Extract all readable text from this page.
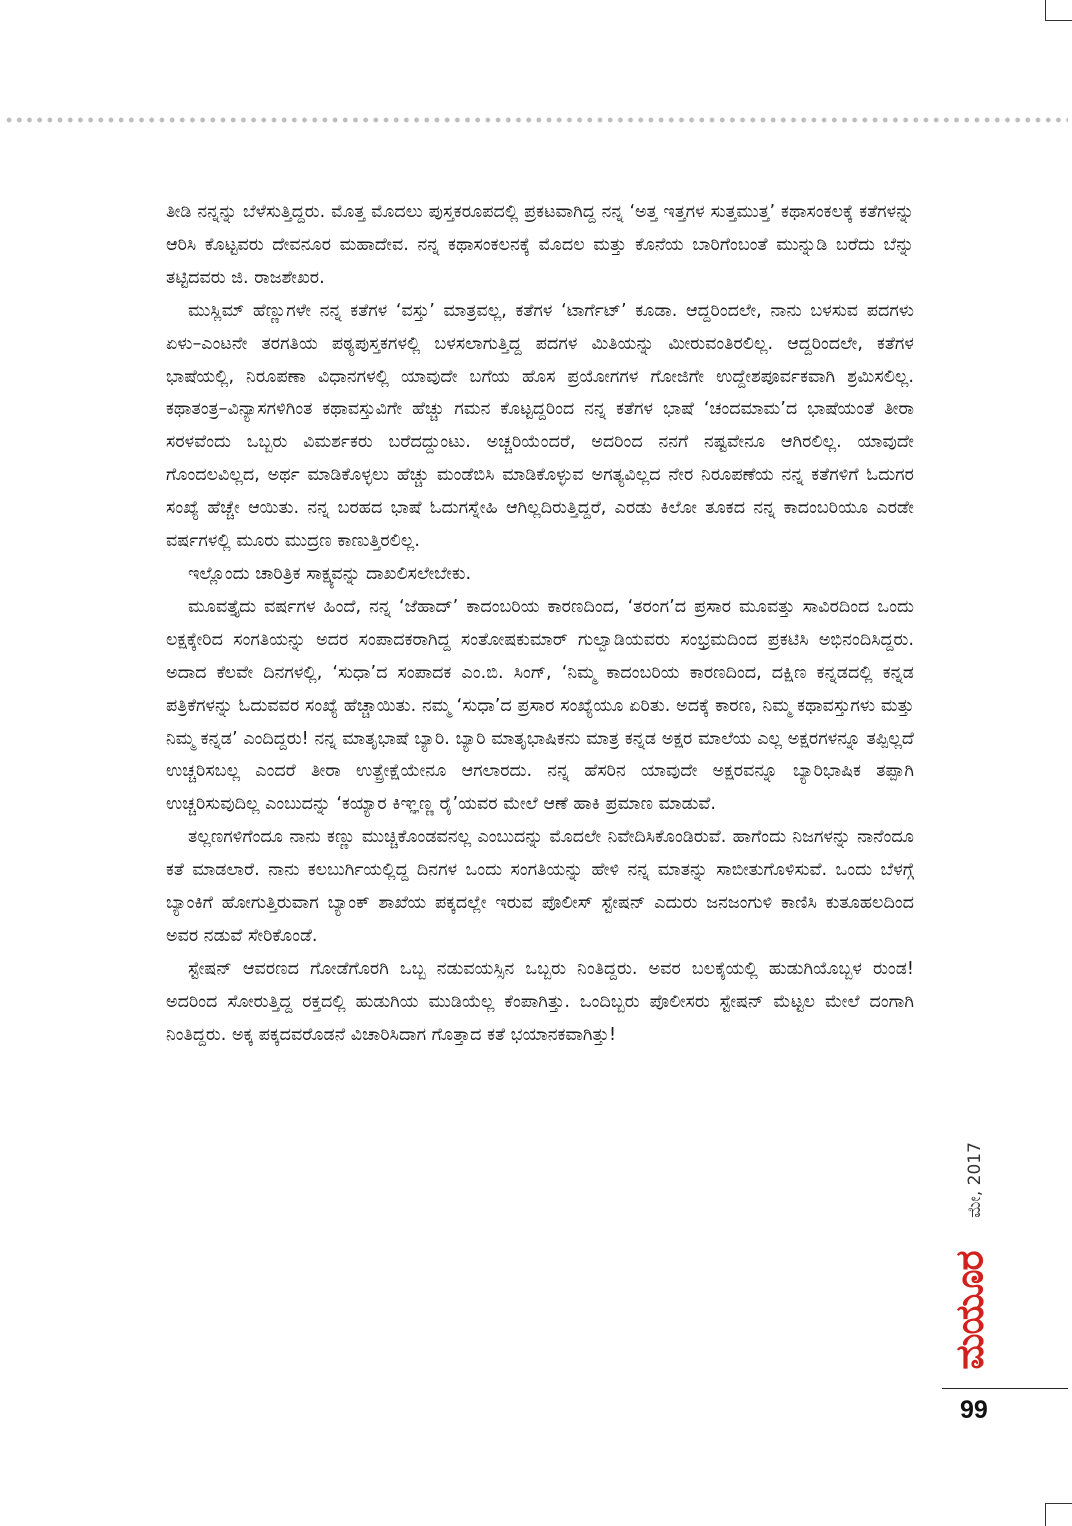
ತೀಡಿ ನನ್ನನ್ನು ಬೆಳೆಸುತ್ತಿದ್ದರು. ಮೊತ್ತ ಮೊದಲು ಪುಸ್ತಕರೂಪದಲ್ಲಿ ಪ್ರಕಟವಾಗಿದ್ದ ನನ್ನ ‘ಅತ್ತ ಇತ್ತಗಳ ಸುತ್ತಮುತ್ತ’ ಕಥಾಸಂಕಲಕ್ಕೆ ಕತೆಗಳನ್ನು ಆರಿಸಿ ಕೊಟ್ಟವರು ದೇವನೂರ ಮಹಾದೇವ. ನನ್ನ ಕಥಾಸಂಕಲನಕ್ಕೆ ಮೊದಲ ಮತ್ತು ಕೊನೆಯ ಬಾರಿಗೆಂಬಂತೆ ಮುನ್ನುಡಿ ಬರೆದು ಬೆನ್ನು ತಟ್ಟಿದವರು ಜಿ. ರಾಜಶೇಖರ.

ಮುಸ್ಲಿಮ್ ಹೆಣ್ಣುಗಳೇ ನನ್ನ ಕತೆಗಳ ‘ವಸ್ತು’ ಮಾತ್ರವಲ್ಲ, ಕತೆಗಳ ‘ಟಾರ್ಗೆಟ್’ ಕೂಡಾ. ಆದ್ದರಿಂದಲೇ, ನಾನು ಬಳಸುವ ಪದಗಳು ಏಳು–ಎಂಟನೇ ತರಗತಿಯ ಪಠ್ಯಪುಸ್ತಕಗಳಲ್ಲಿ ಬಳಸಲಾಗುತ್ತಿದ್ದ ಪದಗಳ ಮಿತಿಯನ್ನು ಮೀರುವಂತಿರಲಿಲ್ಲ. ಆದ್ದರಿಂದಲೇ, ಕತೆಗಳ ಭಾಷೆಯಲ್ಲಿ, ನಿರೂಪಣಾ ವಿಧಾನಗಳಲ್ಲಿ ಯಾವುದೇ ಬಗೆಯ ಹೊಸ ಪ್ರಯೋಗಗಳ ಗೋಜಿಗೇ ಉದ್ದೇಶಪೂರ್ವಕವಾಗಿ ಶ್ರಮಿಸಲಿಲ್ಲ. ಕಥಾತಂತ್ರ–ವಿನ್ಯಾಸಗಳಿಗಿಂತ ಕಥಾವಸ್ತುವಿಗೇ ಹೆಚ್ಚು ಗಮನ ಕೊಟ್ಟದ್ದರಿಂದ ನನ್ನ ಕತೆಗಳ ಭಾಷೆ ‘ಚಂದಮಾಮ’ದ ಭಾಷೆಯಂತೆ ತೀರಾ ಸರಳವೆಂದು ಒಬ್ಬರು ವಿಮರ್ಶಕರು ಬರೆದದ್ದುಂಟು. ಅಚ್ಚರಿಯೆಂದರೆ, ಅದರಿಂದ ನನಗೆ ನಷ್ಟವೇನೂ ಆಗಿರಲಿಲ್ಲ. ಯಾವುದೇ ಗೊಂದಲವಿಲ್ಲದ, ಅರ್ಥ ಮಾಡಿಕೊಳ್ಳಲು ಹೆಚ್ಚು ಮಂಡೆಬಿಸಿ ಮಾಡಿಕೊಳ್ಳುವ ಅಗತ್ಯವಿಲ್ಲದ ನೇರ ನಿರೂಪಣೆಯ ನನ್ನ ಕತೆಗಳಿಗೆ ಓದುಗರ ಸಂಖ್ಯೆ ಹೆಚ್ಚೇ ಆಯಿತು. ನನ್ನ ಬರಹದ ಭಾಷೆ ಓದುಗಸ್ನೇಹಿ ಆಗಿಲ್ಲದಿರುತ್ತಿದ್ದರೆ, ಎರಡು ಕಿಲೋ ತೂಕದ ನನ್ನ ಕಾದಂಬರಿಯೂ ಎರಡೇ ವರ್ಷಗಳಲ್ಲಿ ಮೂರು ಮುದ್ರಣ ಕಾಣುತ್ತಿರಲಿಲ್ಲ.

ಇಲ್ಲೊಂದು ಚಾರಿತ್ರಿಕ ಸಾಕ್ಷ್ಯವನ್ನು ದಾಖಲಿಸಲೇಬೇಕು.

ಮೂವತ್ತೈದು ವರ್ಷಗಳ ಹಿಂದೆ, ನನ್ನ ‘ಜೆಹಾದ್’ ಕಾದಂಬರಿಯ ಕಾರಣದಿಂದ, ‘ತರಂಗ’ದ ಪ್ರಸಾರ ಮೂವತ್ತು ಸಾವಿರದಿಂದ ಒಂದು ಲಕ್ಷಕ್ಕೇರಿದ ಸಂಗತಿಯನ್ನು ಅದರ ಸಂಪಾದಕರಾಗಿದ್ದ ಸಂತೋಷಕುಮಾರ್ ಗುಲ್ವಾಡಿಯವರು ಸಂಭ್ರಮದಿಂದ ಪ್ರಕಟಿಸಿ ಅಭಿನಂದಿಸಿದ್ದರು. ಅದಾದ ಕೆಲವೇ ದಿನಗಳಲ್ಲಿ, ‘ಸುಧಾ’ದ ಸಂಪಾದಕ ಎಂ.ಬಿ. ಸಿಂಗ್, ‘ನಿಮ್ಮ ಕಾದಂಬರಿಯ ಕಾರಣದಿಂದ, ದಕ್ಷಿಣ ಕನ್ನಡದಲ್ಲಿ ಕನ್ನಡ ಪತ್ರಿಕೆಗಳನ್ನು ಓದುವವರ ಸಂಖ್ಯೆ ಹೆಚ್ಚಾಯಿತು. ನಮ್ಮ ‘ಸುಧಾ’ದ ಪ್ರಸಾರ ಸಂಖ್ಯೆಯೂ ಏರಿತು. ಅದಕ್ಕೆ ಕಾರಣ, ನಿಮ್ಮ ಕಥಾವಸ್ತುಗಳು ಮತ್ತು ನಿಮ್ಮ ಕನ್ನಡ’ ಎಂದಿದ್ದರು! ನನ್ನ ಮಾತೃಭಾಷೆ ಬ್ಯಾರಿ. ಬ್ಯಾರಿ ಮಾತೃಭಾಷಿಕನು ಮಾತ್ರ ಕನ್ನಡ ಅಕ್ಷರ ಮಾಲೆಯ ಎಲ್ಲ ಅಕ್ಷರಗಳನ್ನೂ ತಪ್ಪಿಲ್ಲದೆ ಉಚ್ಚರಿಸಬಲ್ಲ ಎಂದರೆ ತೀರಾ ಉತ್ಪ್ರೇಕ್ಷೆಯೇನೂ ಆಗಲಾರದು. ನನ್ನ ಹೆಸರಿನ ಯಾವುದೇ ಅಕ್ಷರವನ್ನೂ ಬ್ಯಾರಿಭಾಷಿಕ ತಪ್ಪಾಗಿ ಉಚ್ಚರಿಸುವುದಿಲ್ಲ ಎಂಬುದನ್ನು ‘ಕಯ್ಯಾರ ಕಿಞ್ಞಣ್ಣ ರೈ’ಯವರ ಮೇಲೆ ಆಣೆ ಹಾಕಿ ಪ್ರಮಾಣ ಮಾಡುವೆ.

ತಲ್ಲಣಗಳಿಗೆಂದೂ ನಾನು ಕಣ್ಣು ಮುಚ್ಚಿಕೊಂಡವನಲ್ಲ ಎಂಬುದನ್ನು ಮೊದಲೇ ನಿವೇದಿಸಿಕೊಂಡಿರುವೆ. ಹಾಗೆಂದು ನಿಜಗಳನ್ನು ನಾನೆಂದೂ ಕತೆ ಮಾಡಲಾರೆ. ನಾನು ಕಲಬುರ್ಗಿಯಲ್ಲಿದ್ದ ದಿನಗಳ ಒಂದು ಸಂಗತಿಯನ್ನು ಹೇಳಿ ನನ್ನ ಮಾತನ್ನು ಸಾಬೀತುಗೊಳಿಸುವೆ. ಒಂದು ಬೆಳಗ್ಗೆ ಬ್ಯಾಂಕಿಗೆ ಹೋಗುತ್ತಿರುವಾಗ ಬ್ಯಾಂಕ್ ಶಾಖೆಯ ಪಕ್ಕದಲ್ಲೇ ಇರುವ ಪೊಲೀಸ್ ಸ್ಟೇಷನ್ ಎದುರು ಜನಜಂಗುಳಿ ಕಾಣಿಸಿ ಕುತೂಹಲದಿಂದ ಅವರ ನಡುವೆ ಸೇರಿಕೊಂಡೆ.

ಸ್ಟೇಷನ್ ಆವರಣದ ಗೋಡೆಗೊರಗಿ ಒಬ್ಬ ನಡುವಯಸ್ಸಿನ ಒಬ್ಬರು ನಿಂತಿದ್ದರು. ಅವರ ಬಲಕೈಯಲ್ಲಿ ಹುಡುಗಿಯೊಬ್ಬಳ ರುಂಡ! ಅದರಿಂದ ಸೋರುತ್ತಿದ್ದ ರಕ್ತದಲ್ಲಿ ಹುಡುಗಿಯ ಮುಡಿಯೆಲ್ಲ ಕೆಂಪಾಗಿತ್ತು. ಒಂದಿಬ್ಬರು ಪೊಲೀಸರು ಸ್ಟೇಷನ್ ಮೆಟ್ಟಲ ಮೇಲೆ ದಂಗಾಗಿ ನಿಂತಿದ್ದರು. ಅಕ್ಕ ಪಕ್ಕದವರೊಡನೆ ವಿಚಾರಿಸಿದಾಗ ಗೊತ್ತಾದ ಕತೆ ಭಯಾನಕವಾಗಿತ್ತು!

ಮೇ, 2017
ಮಯೂರ
99
